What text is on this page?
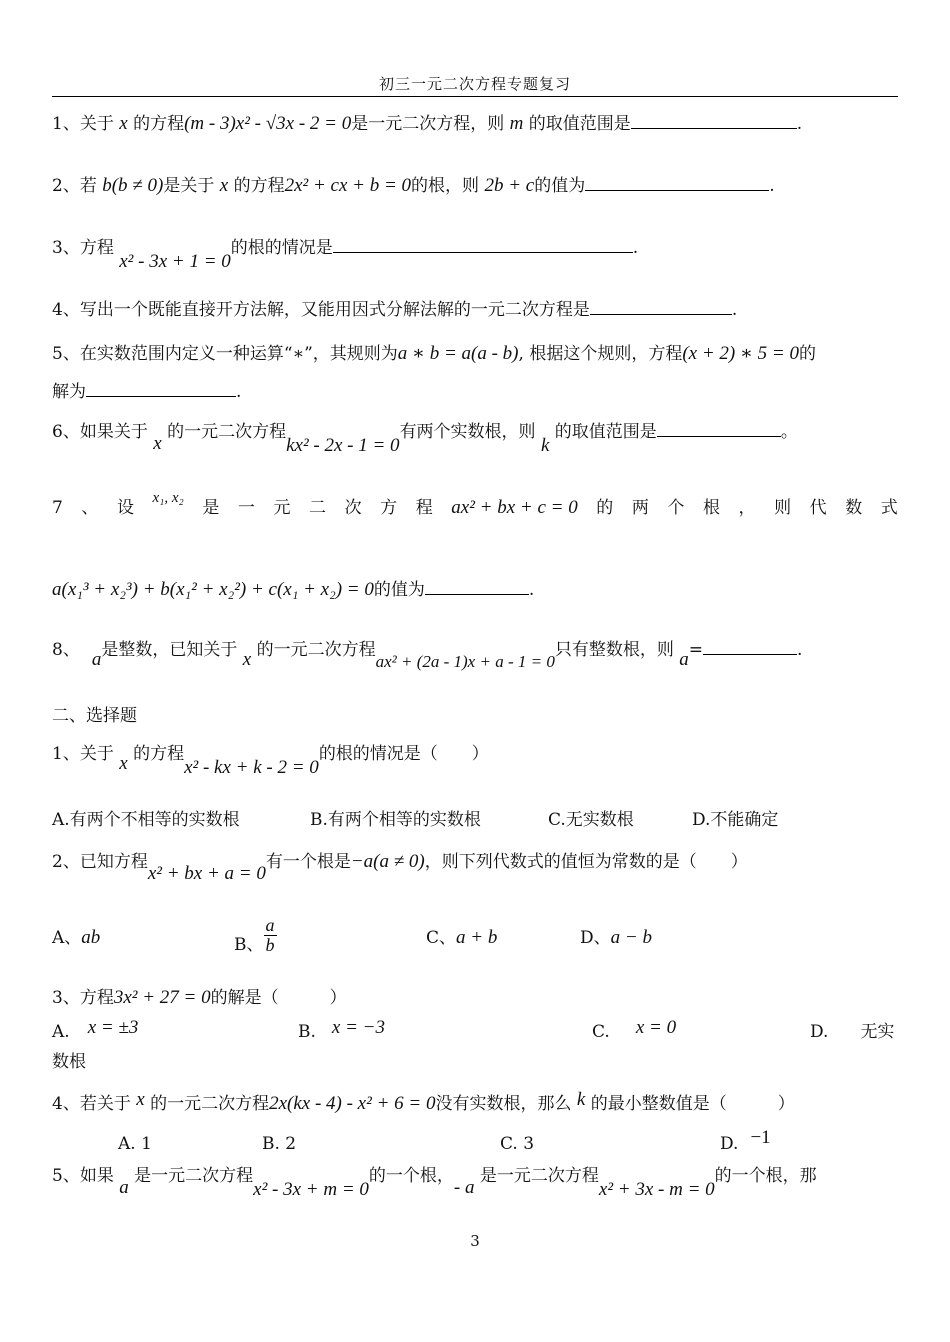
初三一元二次方程专题复习
1、关于 x 的方程(m - 3)x² - √3x - 2 = 0是一元二次方程，则 m 的取值范围是	.
2、若 b(b ≠ 0)是关于 x 的方程2x² + cx + b = 0的根，则 2b + c的值为	.
3、方程 x² - 3x + 1 = 0的根的情况是	.
4、写出一个既能直接开方法解，又能用因式分解法解的一元二次方程是	.
5、在实数范围内定义一种运算“∗”，其规则为a ∗ b = a(a - b), 根据这个规则，方程(x + 2) ∗ 5 = 0的
解为	.
6、如果关于 x 的一元二次方程kx² - 2x - 1 = 0有两个实数根，则 k 的取值范围是	。
7 、 设 x₁, x₂ 是 一 元 二 次 方 程 ax² + bx + c = 0 的 两 个 根 ， 则 代 数 式
a(x₁³ + x₂³) + b(x₁² + x₂²) + c(x₁ + x₂) = 0的值为	.
8、 a是整数，已知关于 x 的一元二次方程ax² + (2a - 1)x + a - 1 = 0只有整数根，则 a=	.
二、选择题
1、关于 x 的方程x² - kx + k - 2 = 0的根的情况是（　　）
A.有两个不相等的实数根	B.有两个相等的实数根	C.无实数根	D.不能确定
2、已知方程x² + bx + a = 0有一个根是−a(a ≠ 0)，则下列代数式的值恒为常数的是（　　）
A、ab	B、 $\frac{a}{b}$	C、a + b	D、a − b
3、方程3x² + 27 = 0的解是（　　　）
A. x = ±3	B. x = −3	C. x = 0	D. 无实
数根
4、若关于 x 的一元二次方程2x(kx - 4) - x² + 6 = 0没有实数根，那么 k 的最小整数值是（　　　）
A. 1	B. 2	C. 3	D. −1
5、如果 a 是一元二次方程x² - 3x + m = 0的一个根，- a 是一元二次方程x² + 3x - m = 0的一个根，那
3
